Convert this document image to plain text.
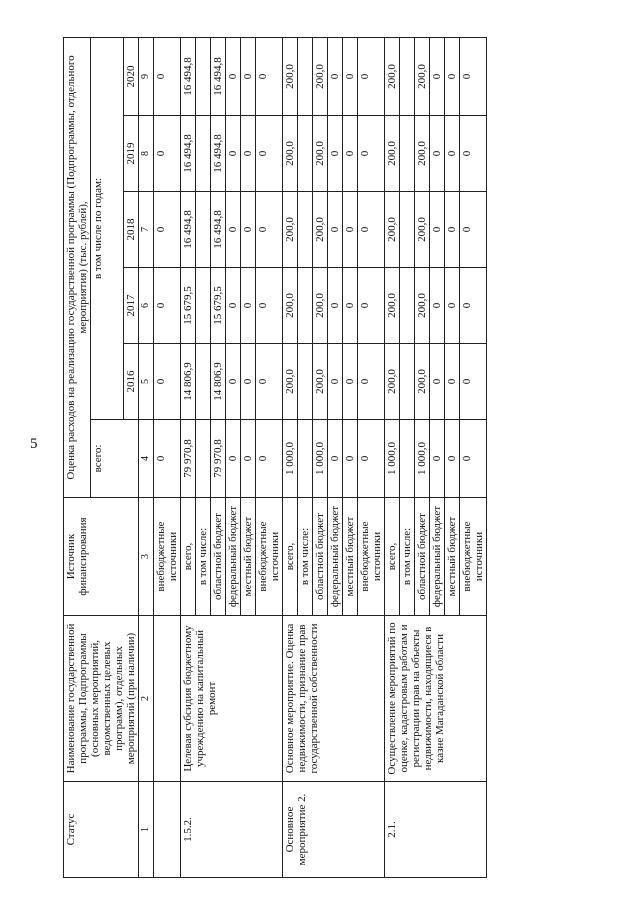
5
Статус	Наименование государственной программы, Подпрограммы (основных мероприятий, ведомственных целевых программ), отдельных мероприятий (при наличии)	Источник финансирования	Оценка расходов на реализацию государственной программы (Подпрограммы, отдельного мероприятия) (тыс. рублей),					
			всего:	в том числе по годам:				
				2016	2017	2018	2019	2020
1	2	3	4	5	6	7	8	9
		внебюджетные источники	0	0	0	0	0	0
1.5.2.	Целевая субсидия бюджетному учреждению на капитальный ремонт	всего,	79 970,8	14 806,9	15 679,5	16 494,8	16 494,8	16 494,8
		в том числе:						
		областной бюджет	79 970,8	14 806,9	15 679,5	16 494,8	16 494,8	16 494,8
		федеральный бюджет	0	0	0	0	0	0
		местный бюджет	0	0	0	0	0	0
		внебюджетные источники	0	0	0	0	0	0
Основное мероприятие 2.	Основное мероприятие. Оценка недвижимости, признание прав государственной собственности	всего,	1 000,0	200,0	200,0	200,0	200,0	200,0
		в том числе:						
		областной бюджет	1 000,0	200,0	200,0	200,0	200,0	200,0
		федеральный бюджет	0	0	0	0	0	0
		местный бюджет	0	0	0	0	0	0
		внебюджетные источники	0	0	0	0	0	0
2.1.	Осуществление мероприятий по оценке, кадастровым работам и регистрации прав на объекты недвижимости, находящиеся в казне Магаданской области	всего,	1 000,0	200,0	200,0	200,0	200,0	200,0
		в том числе:						
		областной бюджет	1 000,0	200,0	200,0	200,0	200,0	200,0
		федеральный бюджет	0	0	0	0	0	0
		местный бюджет	0	0	0	0	0	0
		внебюджетные источники	0	0	0	0	0	0
